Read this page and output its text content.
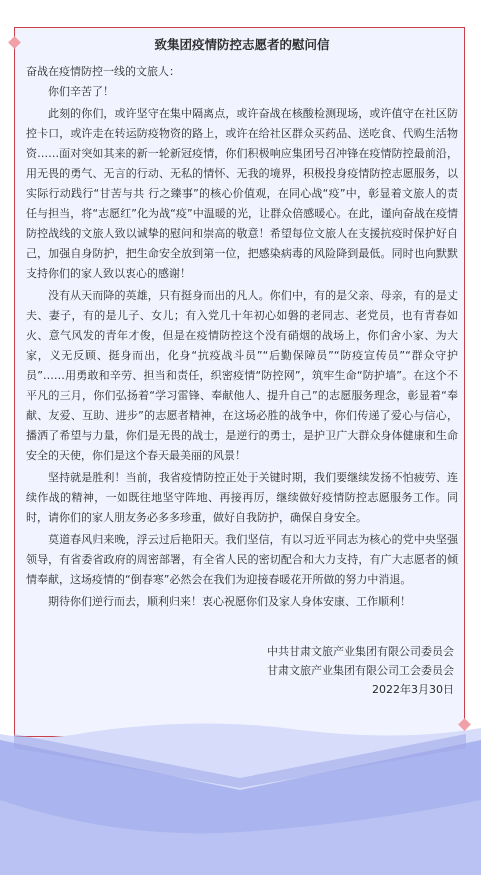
致集团疫情防控志愿者的慰问信

奋战在疫情防控一线的文旅人：

你们辛苦了！

此刻的你们，或许坚守在集中隔离点，或许奋战在核酸检测现场，或许值守在社区防控卡口，或许走在转运防疫物资的路上，或许在给社区群众买药品、送吃食、代购生活物资……面对突如其来的新一轮新冠疫情，你们积极响应集团号召冲锋在疫情防控最前沿，用无畏的勇气、无言的行动、无私的情怀、无我的境界，积极投身疫情防控志愿服务，以实际行动践行“甘苦与共 行之臻事”的核心价值观，在同心战“疫”中，彰显着文旅人的责任与担当，将“志愿红”化为战“疫”中温暖的光，让群众倍感暖心。在此，谨向奋战在疫情防控战线的文旅人致以诚挚的慰问和崇高的敬意！希望每位文旅人在支援抗疫时保护好自己，加强自身防护，把生命安全放到第一位，把感染病毒的风险降到最低。同时也向默默支持你们的家人致以衷心的感谢！

没有从天而降的英雄，只有挺身而出的凡人。你们中，有的是父亲、母亲，有的是丈夫、妻子，有的是儿子、女儿；有入党几十年初心如磐的老同志、老党员，也有青春如火、意气风发的青年才俊，但是在疫情防控这个没有硝烟的战场上，你们舍小家、为大家，义无反顾、挺身而出，化身“抗疫战斗员”“后勤保障员”“防疫宣传员”“群众守护员”……用勇敢和辛劳、担当和责任，织密疫情“防控网”，筑牢生命“防护墙”。在这个不平凡的三月，你们弘扬着“学习雷锋、奉献他人、提升自己”的志愿服务理念，彰显着“奉献、友爱、互助、进步”的志愿者精神，在这场必胜的战争中，你们传递了爱心与信心，播洒了希望与力量，你们是无畏的战士，是逆行的勇士，是护卫广大群众身体健康和生命安全的天使，你们是这个春天最美丽的风景！

坚持就是胜利！当前，我省疫情防控正处于关键时期，我们要继续发扬不怕疲劳、连续作战的精神，一如既往地坚守阵地、再接再厉，继续做好疫情防控志愿服务工作。同时，请你们的家人朋友务必多多珍重，做好自我防护，确保自身安全。

莫道春风归来晚，浮云过后艳阳天。我们坚信，有以习近平同志为核心的党中央坚强领导，有省委省政府的周密部署，有全省人民的密切配合和大力支持，有广大志愿者的倾情奉献，这场疫情的“倒春寒”必然会在我们为迎接春暖花开所做的努力中消退。

期待你们逆行而去，顺利归来！衷心祝愿你们及家人身体安康、工作顺利！

中共甘肃文旅产业集团有限公司委员会

甘肃文旅产业集团有限公司工会委员会

2022年3月30日
